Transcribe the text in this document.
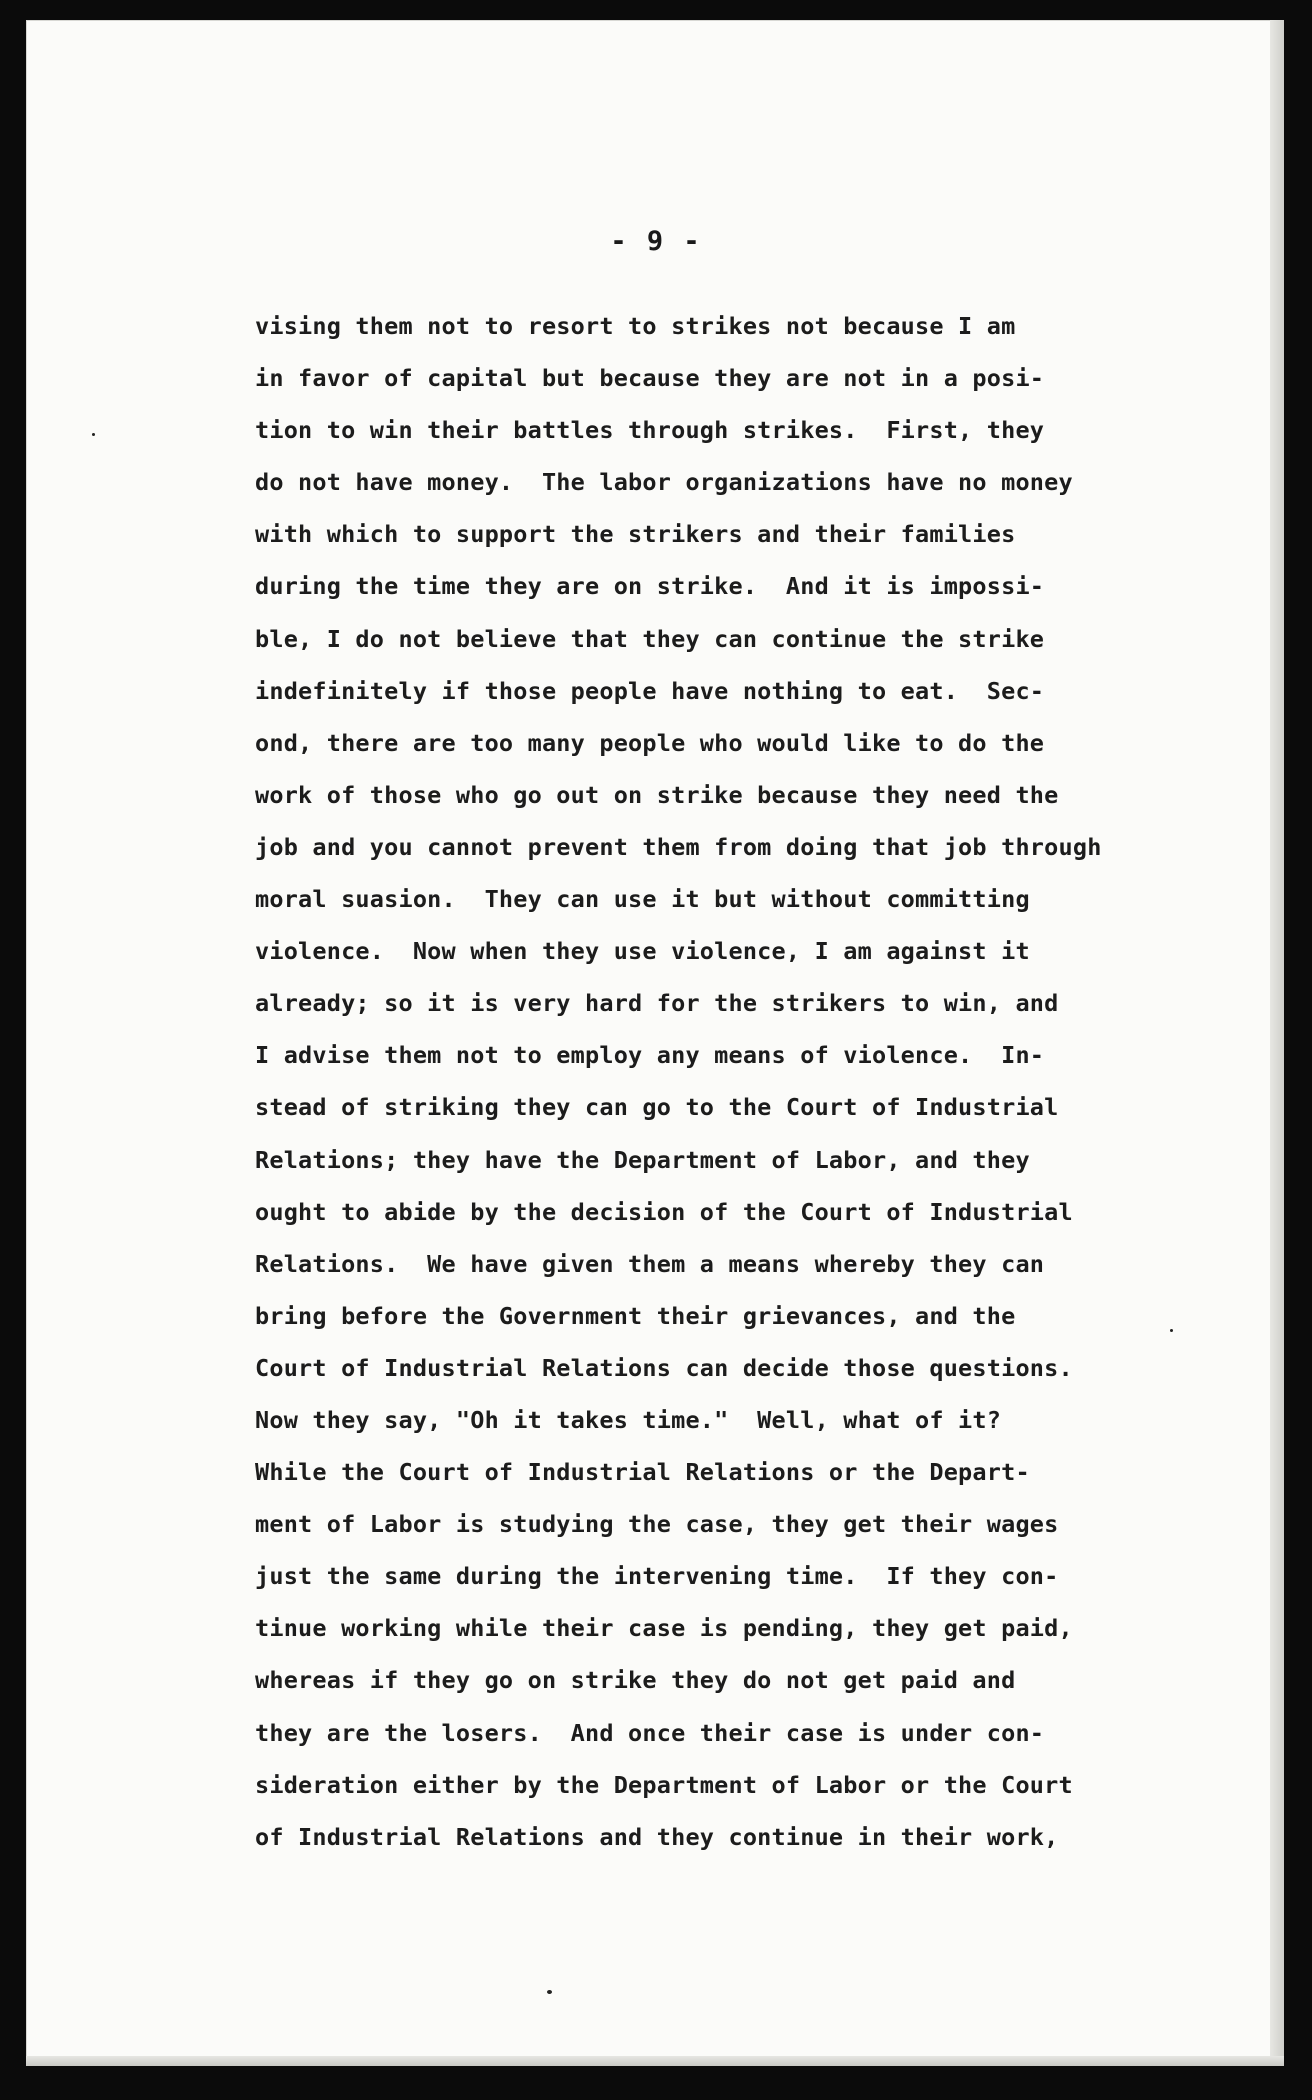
- 9 -
vising them not to resort to strikes not because I am
in favor of capital but because they are not in a posi-
tion to win their battles through strikes.  First, they
do not have money.  The labor organizations have no money
with which to support the strikers and their families
during the time they are on strike.  And it is impossi-
ble, I do not believe that they can continue the strike
indefinitely if those people have nothing to eat.  Sec-
ond, there are too many people who would like to do the
work of those who go out on strike because they need the
job and you cannot prevent them from doing that job through
moral suasion.  They can use it but without committing
violence.  Now when they use violence, I am against it
already; so it is very hard for the strikers to win, and
I advise them not to employ any means of violence.  In-
stead of striking they can go to the Court of Industrial
Relations; they have the Department of Labor, and they
ought to abide by the decision of the Court of Industrial
Relations.  We have given them a means whereby they can
bring before the Government their grievances, and the
Court of Industrial Relations can decide those questions.
Now they say, "Oh it takes time."  Well, what of it?
While the Court of Industrial Relations or the Depart-
ment of Labor is studying the case, they get their wages
just the same during the intervening time.  If they con-
tinue working while their case is pending, they get paid,
whereas if they go on strike they do not get paid and
they are the losers.  And once their case is under con-
sideration either by the Department of Labor or the Court
of Industrial Relations and they continue in their work,
